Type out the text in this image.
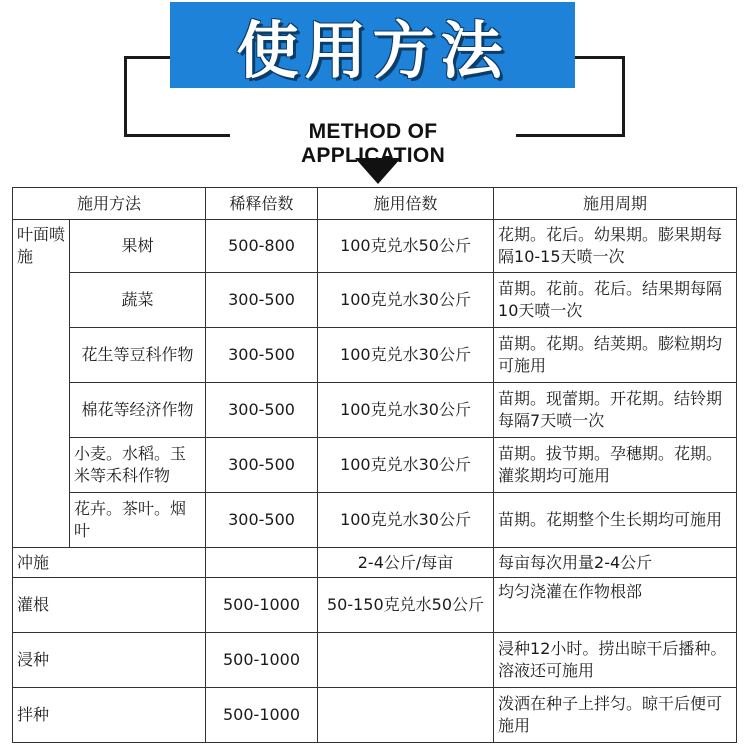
使用方法
METHOD OF APPLICATION
施用方法		稀释倍数	施用倍数	施用周期
叶面喷施	果树	500-800	100克兑水50公斤	花期。花后。幼果期。膨果期每隔10-15天喷一次
	蔬菜	300-500	100克兑水30公斤	苗期。花前。花后。结果期每隔10天喷一次
	花生等豆科作物	300-500	100克兑水30公斤	苗期。花期。结荚期。膨粒期均可施用
	棉花等经济作物	300-500	100克兑水30公斤	苗期。现蕾期。开花期。结铃期每隔7天喷一次
	小麦。水稻。玉米等禾科作物	300-500	100克兑水30公斤	苗期。拔节期。孕穗期。花期。灌浆期均可施用
	花卉。茶叶。烟叶	300-500	100克兑水30公斤	苗期。花期整个生长期均可施用
冲施			2-4公斤/每亩	每亩每次用量2-4公斤
灌根		500-1000	50-150克兑水50公斤	均匀浇灌在作物根部
浸种		500-1000		浸种12小时。捞出晾干后播种。溶液还可施用
拌种		500-1000		泼洒在种子上拌匀。晾干后便可施用
